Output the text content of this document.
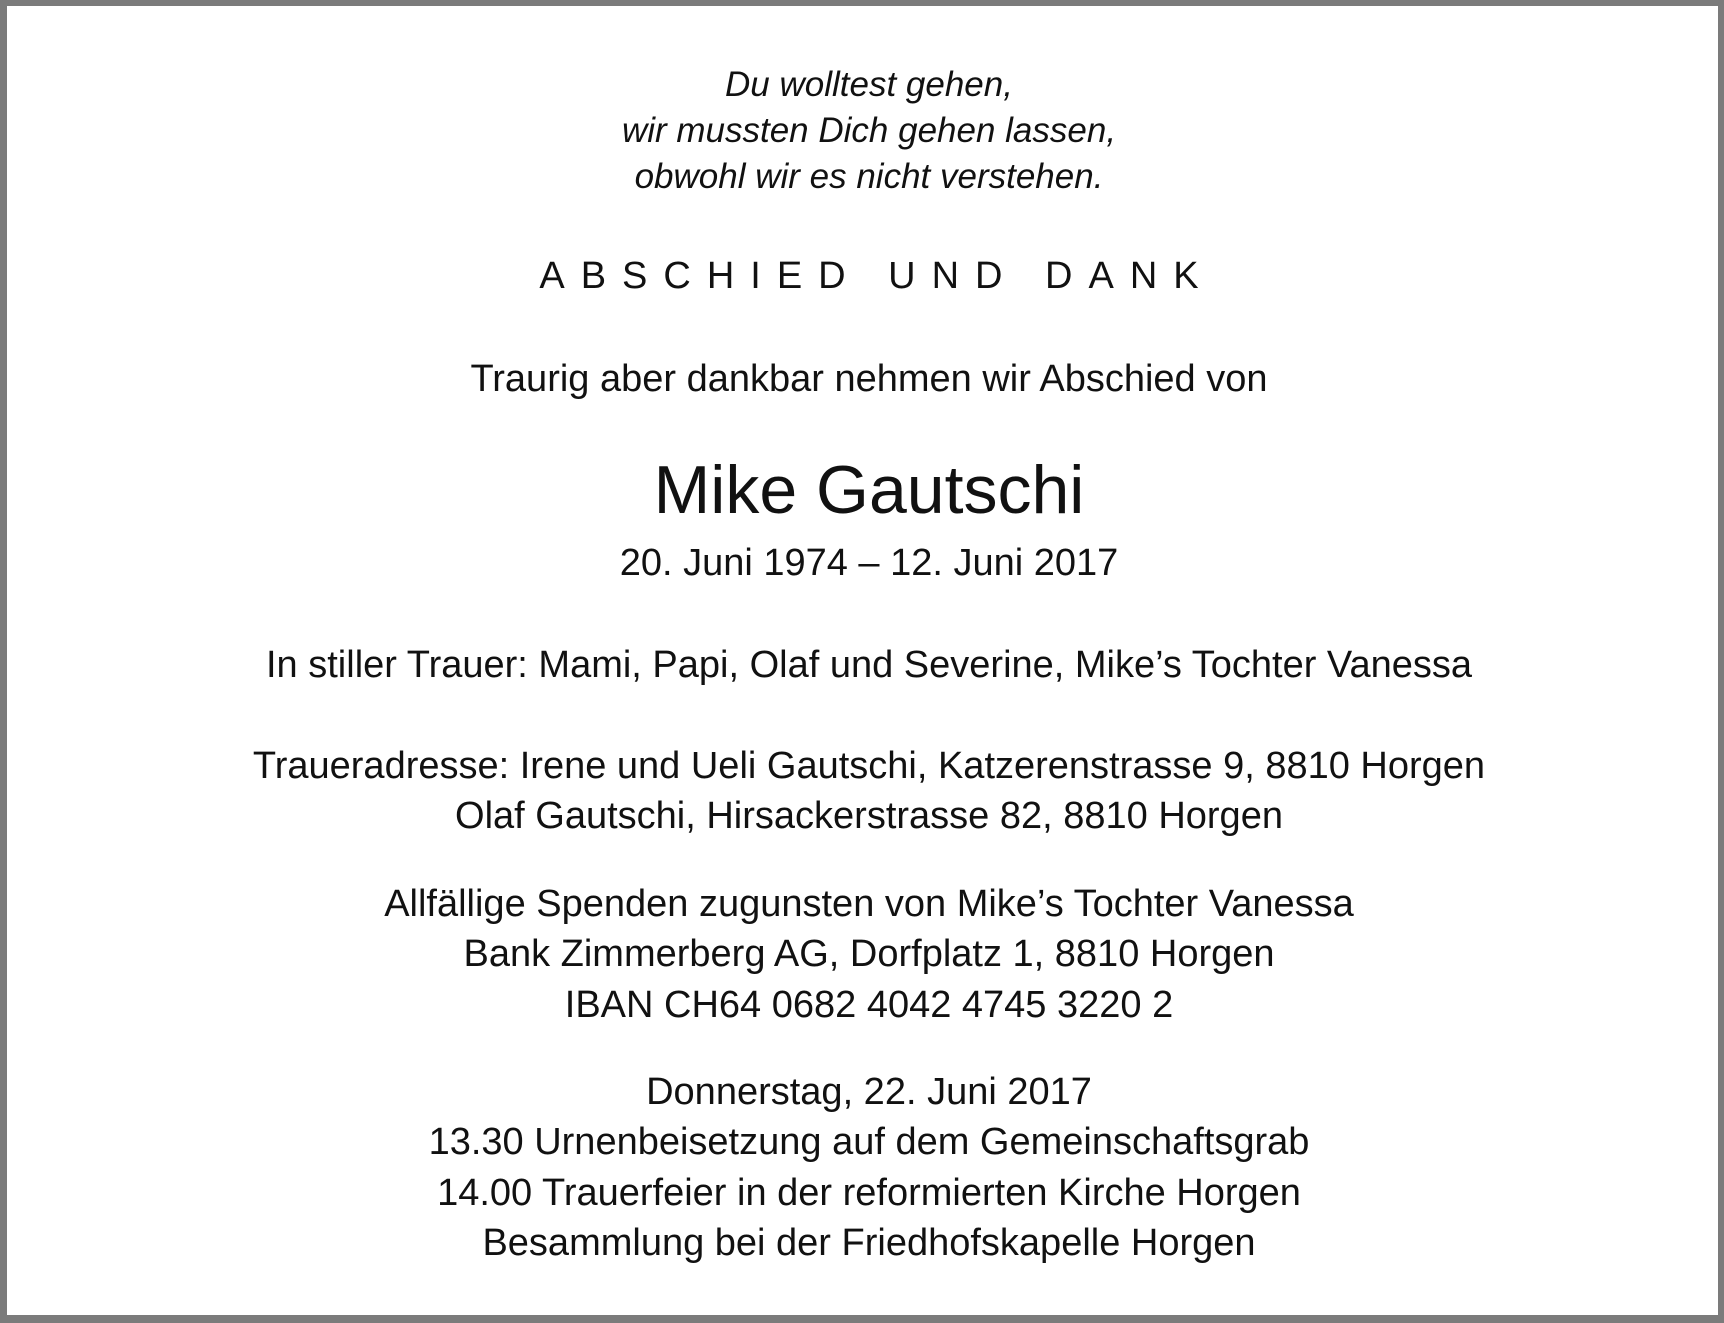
Du wolltest gehen,
wir mussten Dich gehen lassen,
obwohl wir es nicht verstehen.
ABSCHIED UND DANK
Traurig aber dankbar nehmen wir Abschied von
Mike Gautschi
20. Juni 1974 – 12. Juni 2017
In stiller Trauer: Mami, Papi, Olaf und Severine, Mike’s Tochter Vanessa
Traueradresse: Irene und Ueli Gautschi, Katzerenstrasse 9, 8810 Horgen
Olaf Gautschi, Hirsackerstrasse 82, 8810 Horgen
Allfällige Spenden zugunsten von Mike’s Tochter Vanessa
Bank Zimmerberg AG, Dorfplatz 1, 8810 Horgen
IBAN CH64 0682 4042 4745 3220 2
Donnerstag, 22. Juni 2017
13.30 Urnenbeisetzung auf dem Gemeinschaftsgrab
14.00 Trauerfeier in der reformierten Kirche Horgen
Besammlung bei der Friedhofskapelle Horgen
